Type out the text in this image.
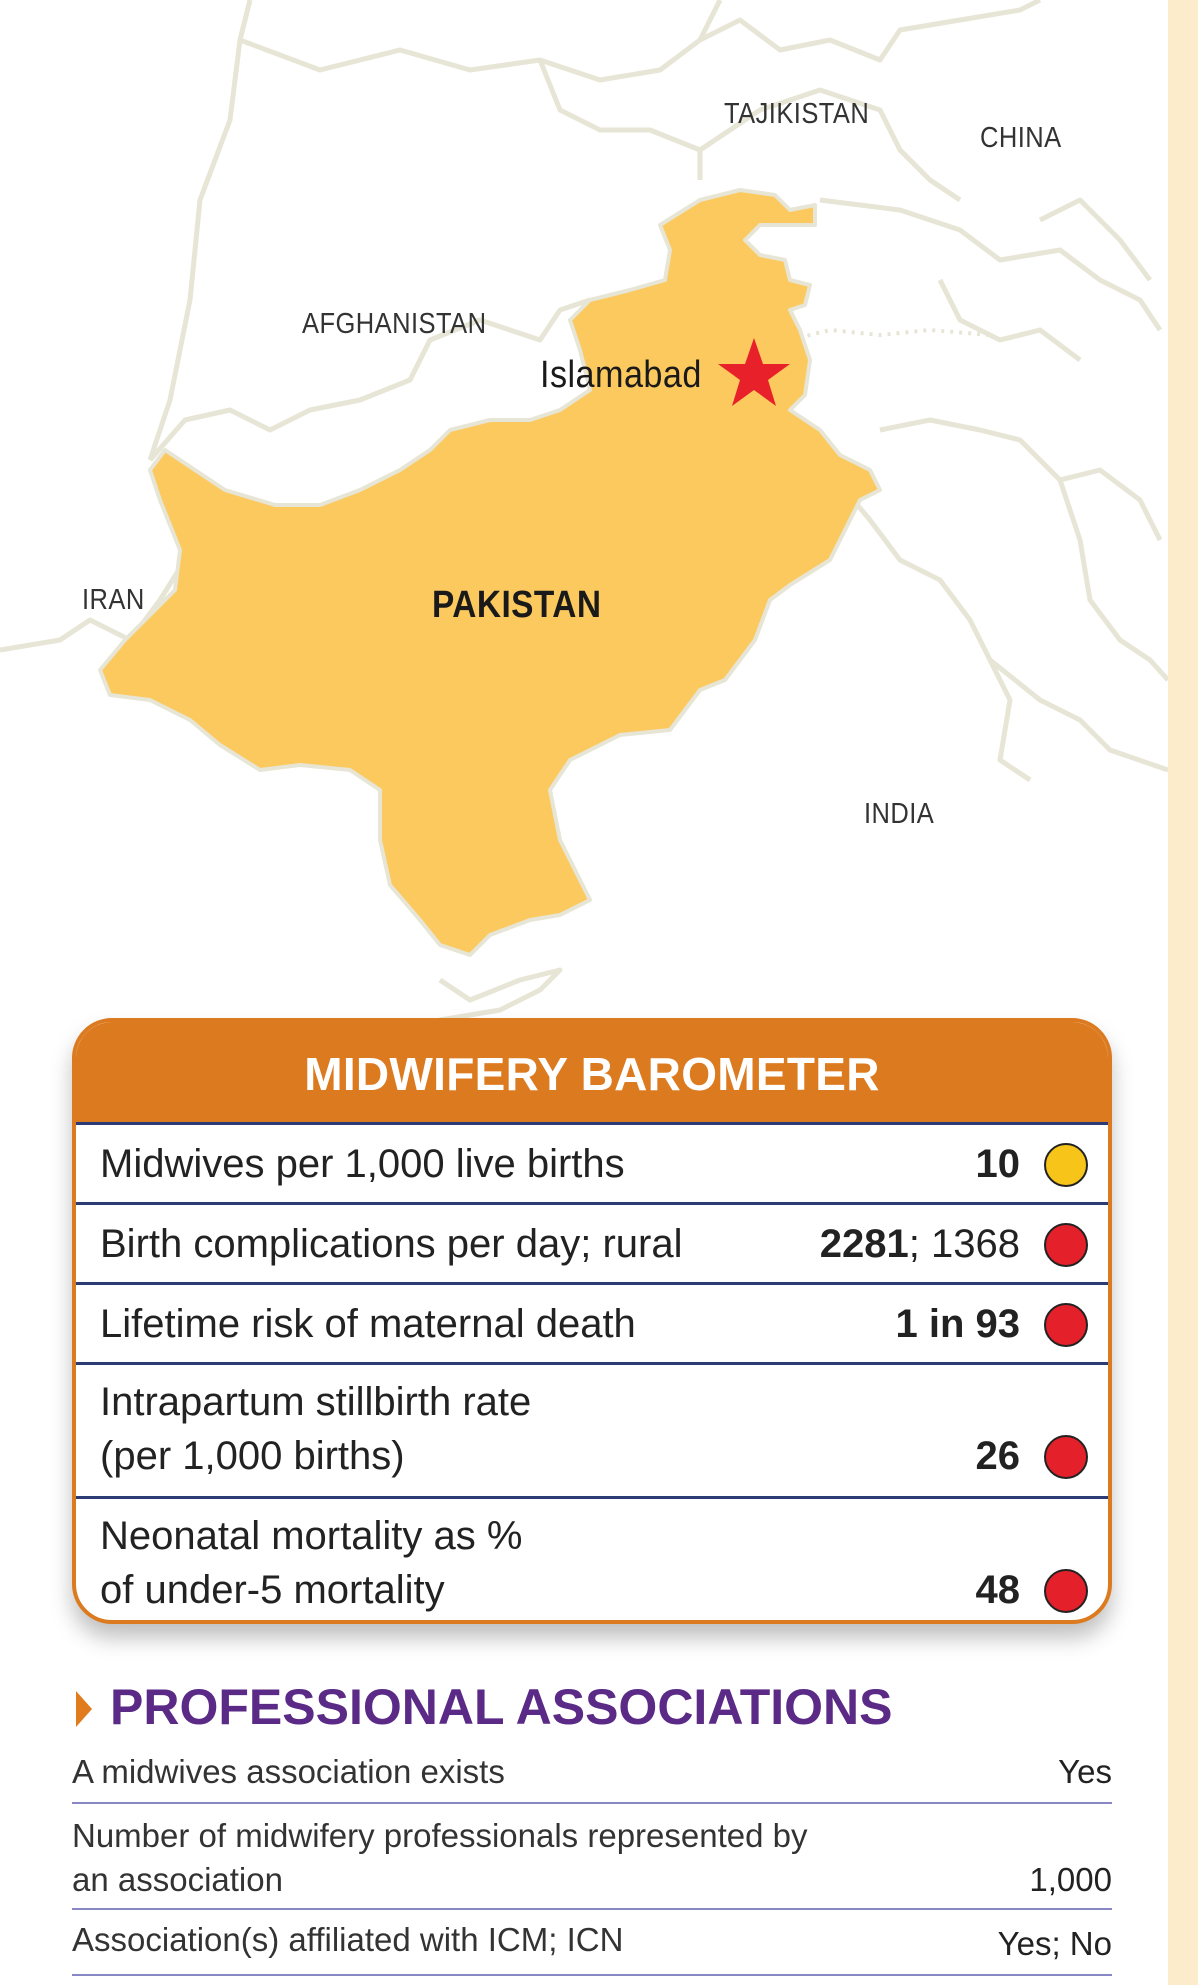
TAJIKISTAN
CHINA
AFGHANISTAN
Islamabad
IRAN	PAKISTAN
INDIA
MIDWIFERY BAROMETER
Midwives per 1,000 live births	10
Birth complications per day; rural	2281; 1368
Lifetime risk of maternal death	1 in 93
Intrapartum stillbirth rate
(per 1,000 births)	26
Neonatal mortality as %
of under-5 mortality	48
PROFESSIONAL ASSOCIATIONS
A midwives association exists	Yes
Number of midwifery professionals represented by
an association	1,000
Association(s) affiliated with ICM; ICN	Yes; No
